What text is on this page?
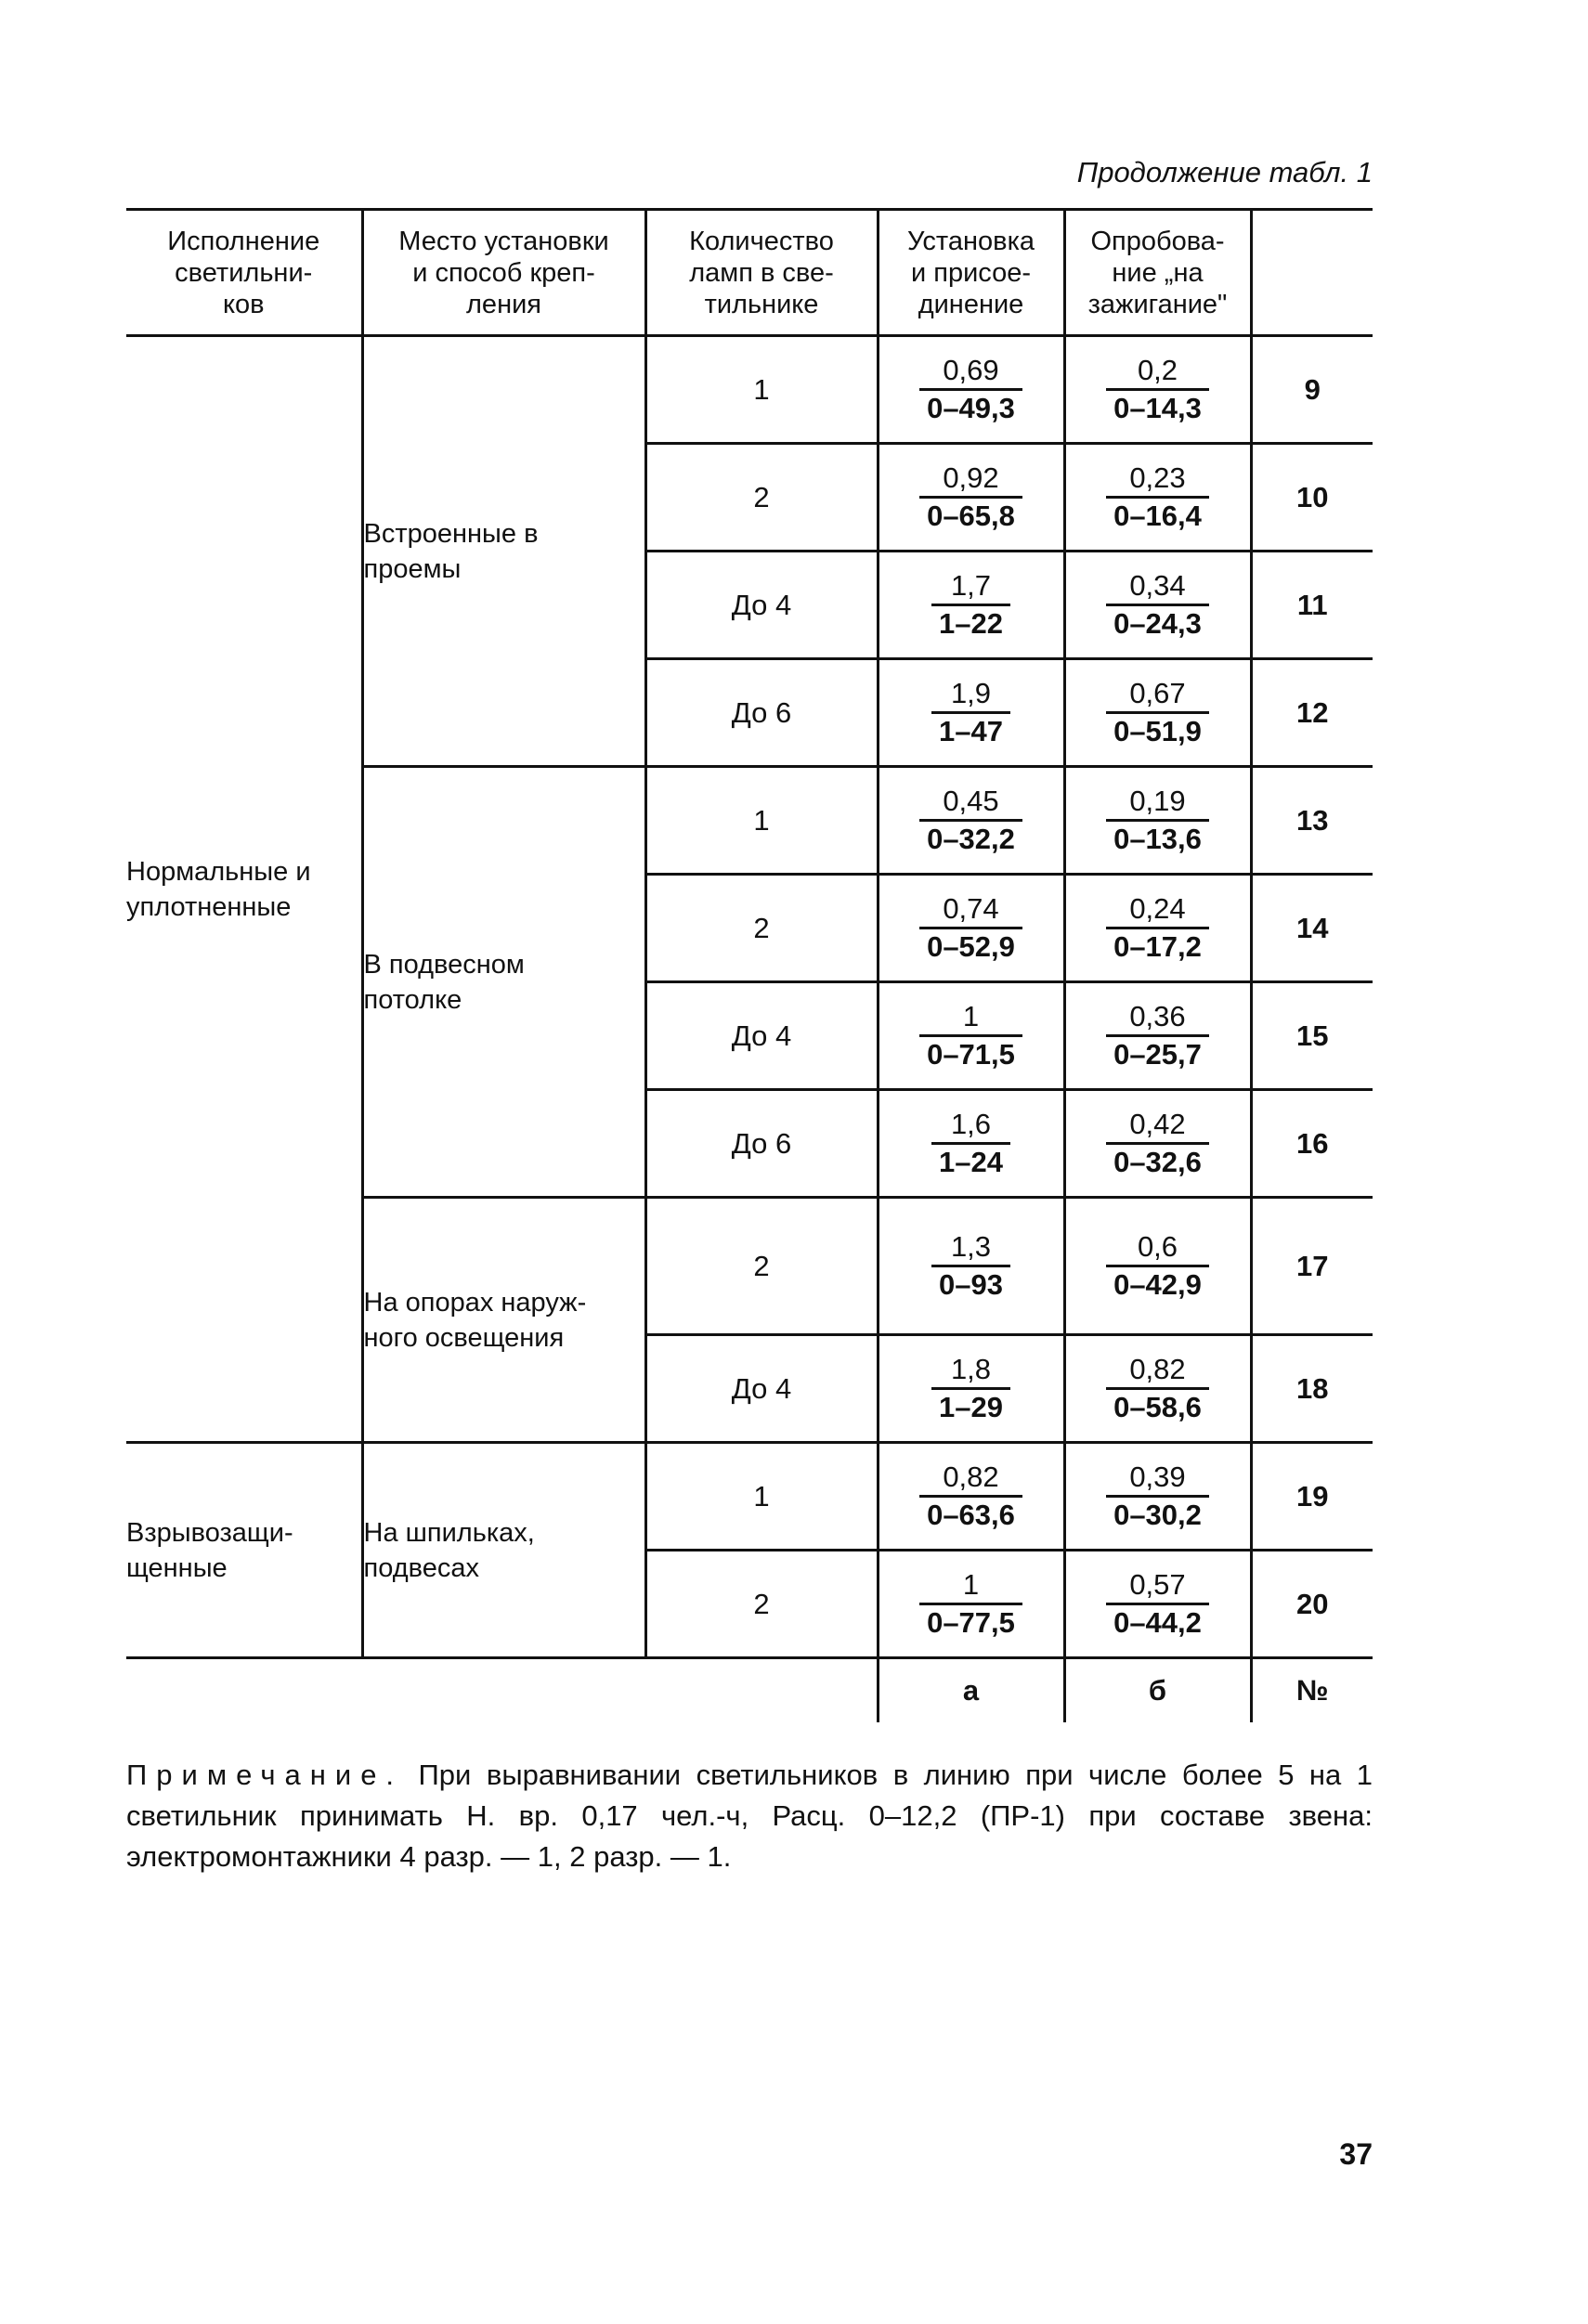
Продолжение табл. 1
Исполнение
светильни-
ков	Место установки
и способ креп-
ления	Количество
ламп в све-
тильнике	Установка
и присое-
динение	Опробова-
ние „на
зажигание"	
Нормальные и
уплотненные	Встроенные в
проемы	1	$\frac{0,69}{0-49,3}$	$\frac{0,2}{0-14,3}$	9
		2	$\frac{0,92}{0-65,8}$	$\frac{0,23}{0-16,4}$	10
		До 4	$\frac{1,7}{1-22}$	$\frac{0,34}{0-24,3}$	11
		До 6	$\frac{1,9}{1-47}$	$\frac{0,67}{0-51,9}$	12
	В подвесном
потолке	1	$\frac{0,45}{0-32,2}$	$\frac{0,19}{0-13,6}$	13
		2	$\frac{0,74}{0-52,9}$	$\frac{0,24}{0-17,2}$	14
		До 4	$\frac{1}{0-71,5}$	$\frac{0,36}{0-25,7}$	15
		До 6	$\frac{1,6}{1-24}$	$\frac{0,42}{0-32,6}$	16
	На опорах наруж-
ного освещения	2	$\frac{1,3}{0-93}$	$\frac{0,6}{0-42,9}$	17
		До 4	$\frac{1,8}{1-29}$	$\frac{0,82}{0-58,6}$	18
Взрывозащи-
щенные	На шпильках,
подвесах	1	$\frac{0,82}{0-63,6}$	$\frac{0,39}{0-30,2}$	19
		2	$\frac{1}{0-77,5}$	$\frac{0,57}{0-44,2}$	20
			а	б	№
Примечание. При выравнивании светильников в линию при числе более 5 на 1 светильник принимать Н. вр. 0,17 чел.-ч, Расц. 0–12,2 (ПР-1) при составе звена: электромонтажники 4 разр. — 1, 2 разр. — 1.
37
